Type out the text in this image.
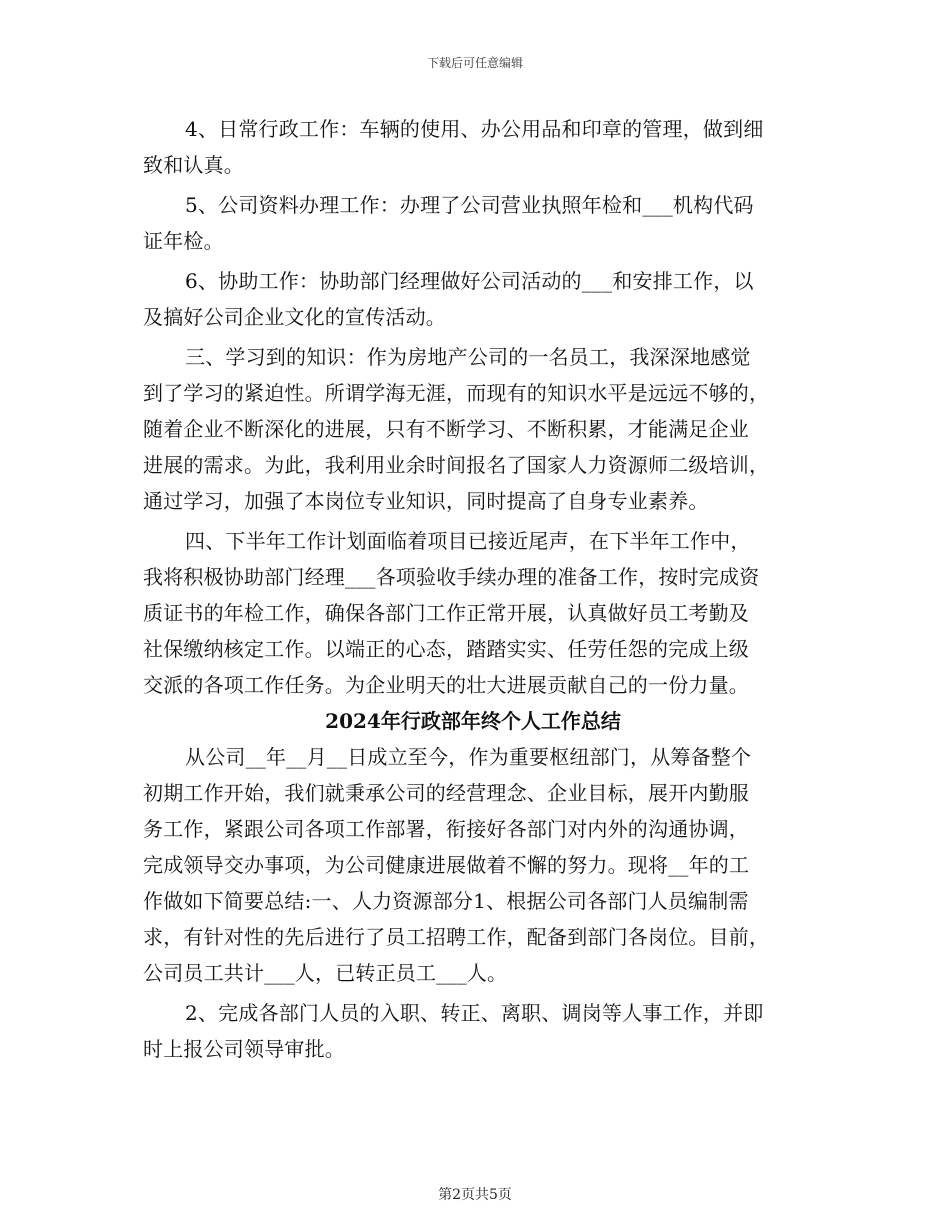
下载后可任意编辑
4、日常行政工作：车辆的使用、办公用品和印章的管理，做到细
致和认真。
5、公司资料办理工作：办理了公司营业执照年检和___机构代码
证年检。
6、协助工作：协助部门经理做好公司活动的___和安排工作，以
及搞好公司企业文化的宣传活动。
三、学习到的知识：作为房地产公司的一名员工，我深深地感觉
到了学习的紧迫性。所谓学海无涯，而现有的知识水平是远远不够的，
随着企业不断深化的进展，只有不断学习、不断积累，才能满足企业
进展的需求。为此，我利用业余时间报名了国家人力资源师二级培训，
通过学习，加强了本岗位专业知识，同时提高了自身专业素养。
四、下半年工作计划面临着项目已接近尾声，在下半年工作中，
我将积极协助部门经理___各项验收手续办理的准备工作，按时完成资
质证书的年检工作，确保各部门工作正常开展，认真做好员工考勤及
社保缴纳核定工作。以端正的心态，踏踏实实、任劳任怨的完成上级
交派的各项工作任务。为企业明天的壮大进展贡献自己的一份力量。
2024年行政部年终个人工作总结
从公司__年__月__日成立至今，作为重要枢纽部门，从筹备整个
初期工作开始，我们就秉承公司的经营理念、企业目标，展开内勤服
务工作，紧跟公司各项工作部署，衔接好各部门对内外的沟通协调，
完成领导交办事项，为公司健康进展做着不懈的努力。现将__年的工
作做如下简要总结:一、人力资源部分1、根据公司各部门人员编制需
求，有针对性的先后进行了员工招聘工作，配备到部门各岗位。目前，
公司员工共计___人，已转正员工___人。
2、完成各部门人员的入职、转正、离职、调岗等人事工作，并即
时上报公司领导审批。
第2页共5页
